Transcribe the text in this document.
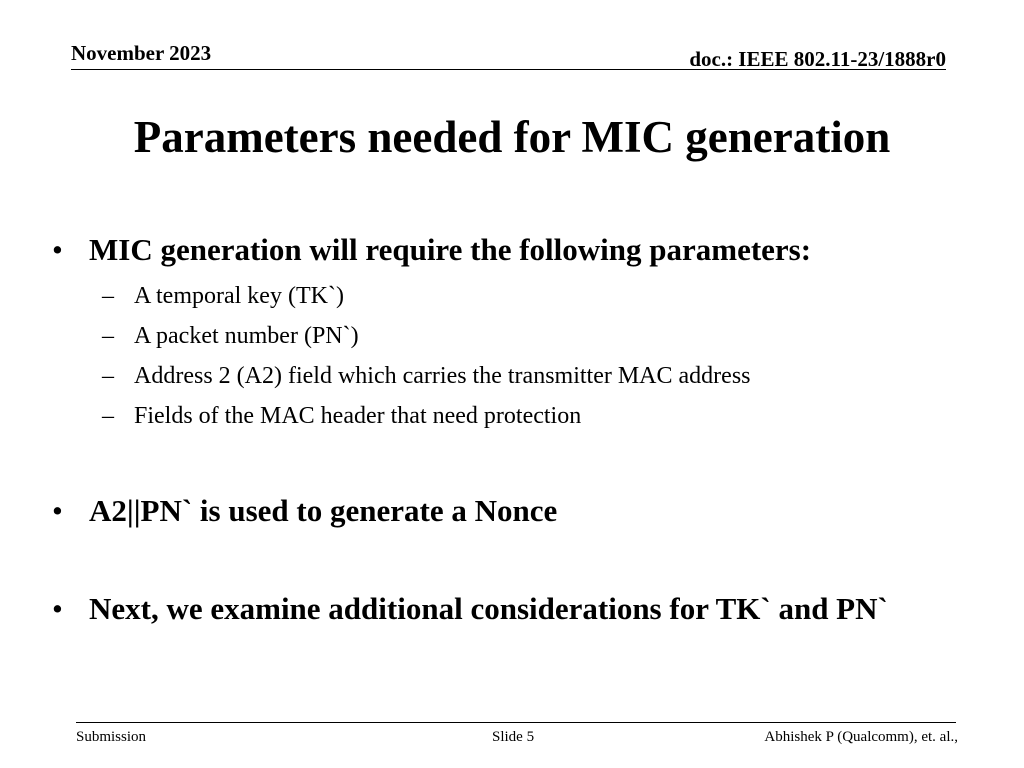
November 2023	doc.: IEEE 802.11-23/1888r0
Parameters needed for MIC generation
• MIC generation will require the following parameters:
– A temporal key (TK`)
– A packet number (PN`)
– Address 2 (A2) field which carries the transmitter MAC address
– Fields of the MAC header that need protection
• A2||PN` is used to generate a Nonce
• Next, we examine additional considerations for TK` and PN`
Submission	Slide 5	Abhishek P (Qualcomm), et. al.,
